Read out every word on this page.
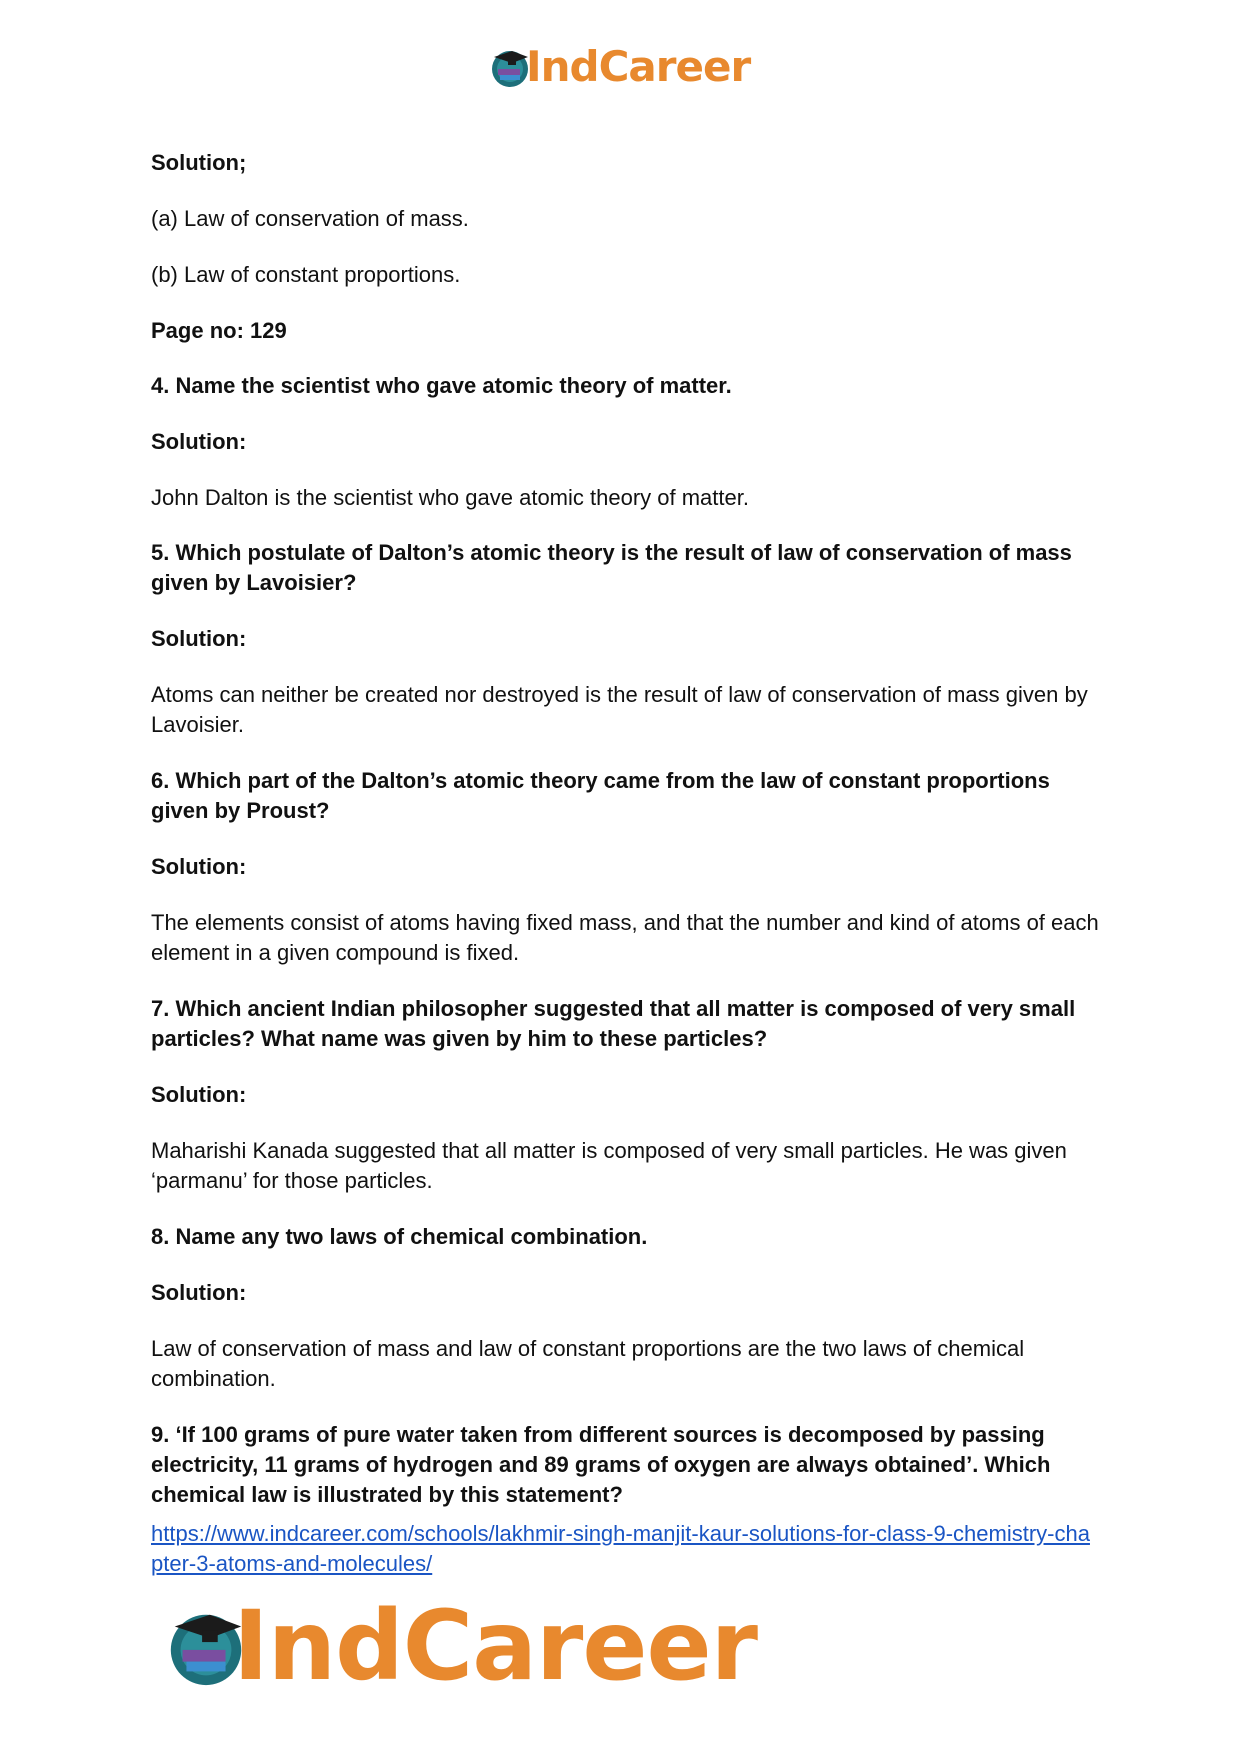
IndCareer

Solution;

(a) Law of conservation of mass.

(b) Law of constant proportions.

Page no: 129

4. Name the scientist who gave atomic theory of matter.

Solution:

John Dalton is the scientist who gave atomic theory of matter.

5. Which postulate of Dalton’s atomic theory is the result of law of conservation of mass given by Lavoisier?

Solution:

Atoms can neither be created nor destroyed is the result of law of conservation of mass given by Lavoisier.

6. Which part of the Dalton’s atomic theory came from the law of constant proportions given by Proust?

Solution:

The elements consist of atoms having fixed mass, and that the number and kind of atoms of each element in a given compound is fixed.

7. Which ancient Indian philosopher suggested that all matter is composed of very small particles? What name was given by him to these particles?

Solution:

Maharishi Kanada suggested that all matter is composed of very small particles. He was given ‘parmanu’ for those particles.

8. Name any two laws of chemical combination.

Solution:

Law of conservation of mass and law of constant proportions are the two laws of chemical combination.

9. ‘If 100 grams of pure water taken from different sources is decomposed by passing electricity, 11 grams of hydrogen and 89 grams of oxygen are always obtained’. Which chemical law is illustrated by this statement?

https://www.indcareer.com/schools/lakhmir-singh-manjit-kaur-solutions-for-class-9-chemistry-chapter-3-atoms-and-molecules/
IndCareer
